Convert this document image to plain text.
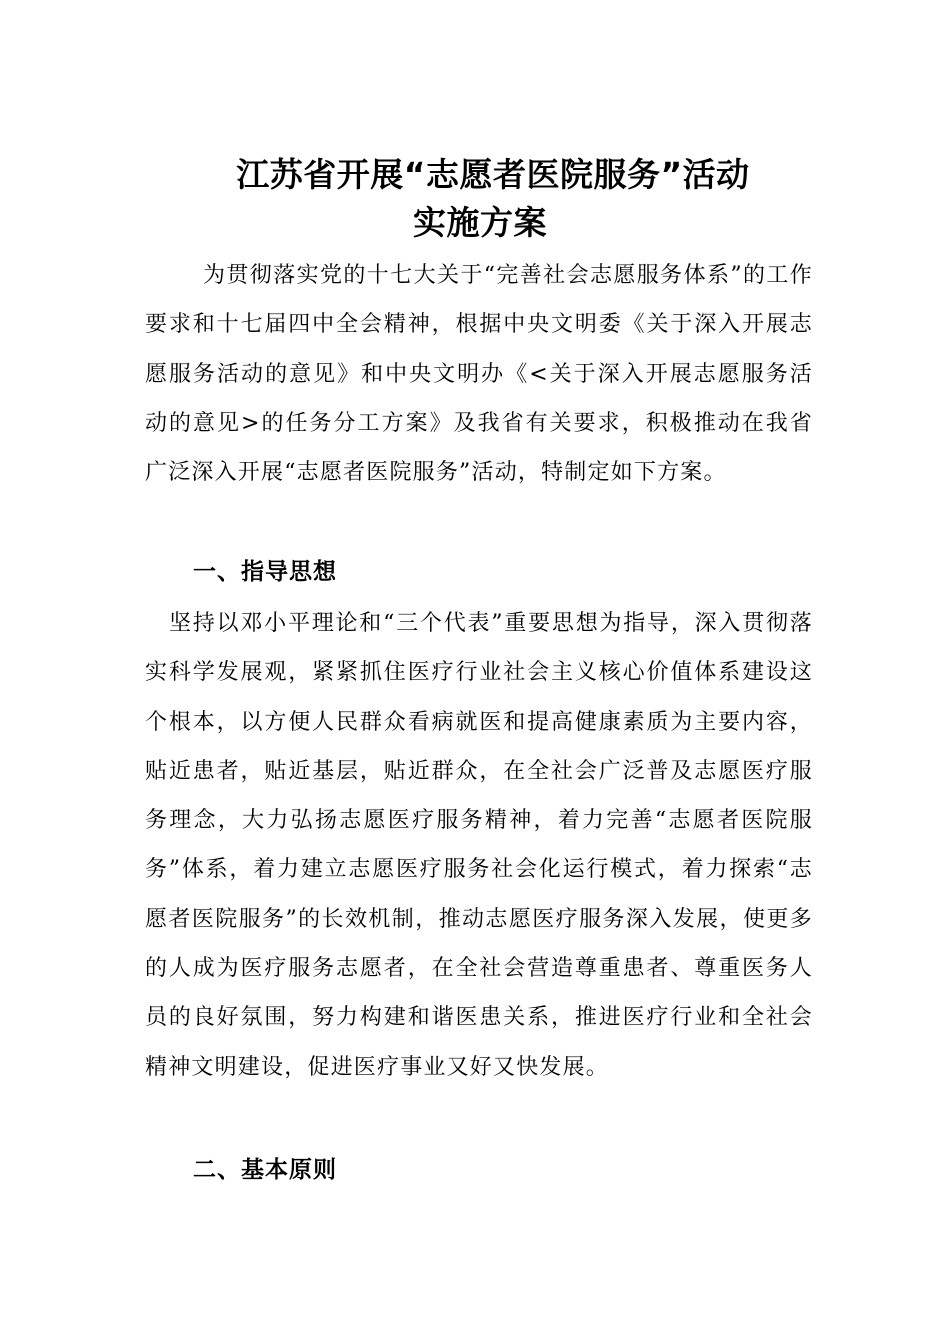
江苏省开展“志愿者医院服务”活动
实施方案

为贯彻落实党的十七大关于“完善社会志愿服务体系”的工作要求和十七届四中全会精神，根据中央文明委《关于深入开展志愿服务活动的意见》和中央文明办《<关于深入开展志愿服务活动的意见>的任务分工方案》及我省有关要求，积极推动在我省广泛深入开展“志愿者医院服务”活动，特制定如下方案。

一、指导思想

坚持以邓小平理论和“三个代表”重要思想为指导，深入贯彻落实科学发展观，紧紧抓住医疗行业社会主义核心价值体系建设这个根本，以方便人民群众看病就医和提高健康素质为主要内容，贴近患者，贴近基层，贴近群众，在全社会广泛普及志愿医疗服务理念，大力弘扬志愿医疗服务精神，着力完善“志愿者医院服务”体系，着力建立志愿医疗服务社会化运行模式，着力探索“志愿者医院服务”的长效机制，推动志愿医疗服务深入发展，使更多的人成为医疗服务志愿者，在全社会营造尊重患者、尊重医务人员的良好氛围，努力构建和谐医患关系，推进医疗行业和全社会精神文明建设，促进医疗事业又好又快发展。

二、基本原则
